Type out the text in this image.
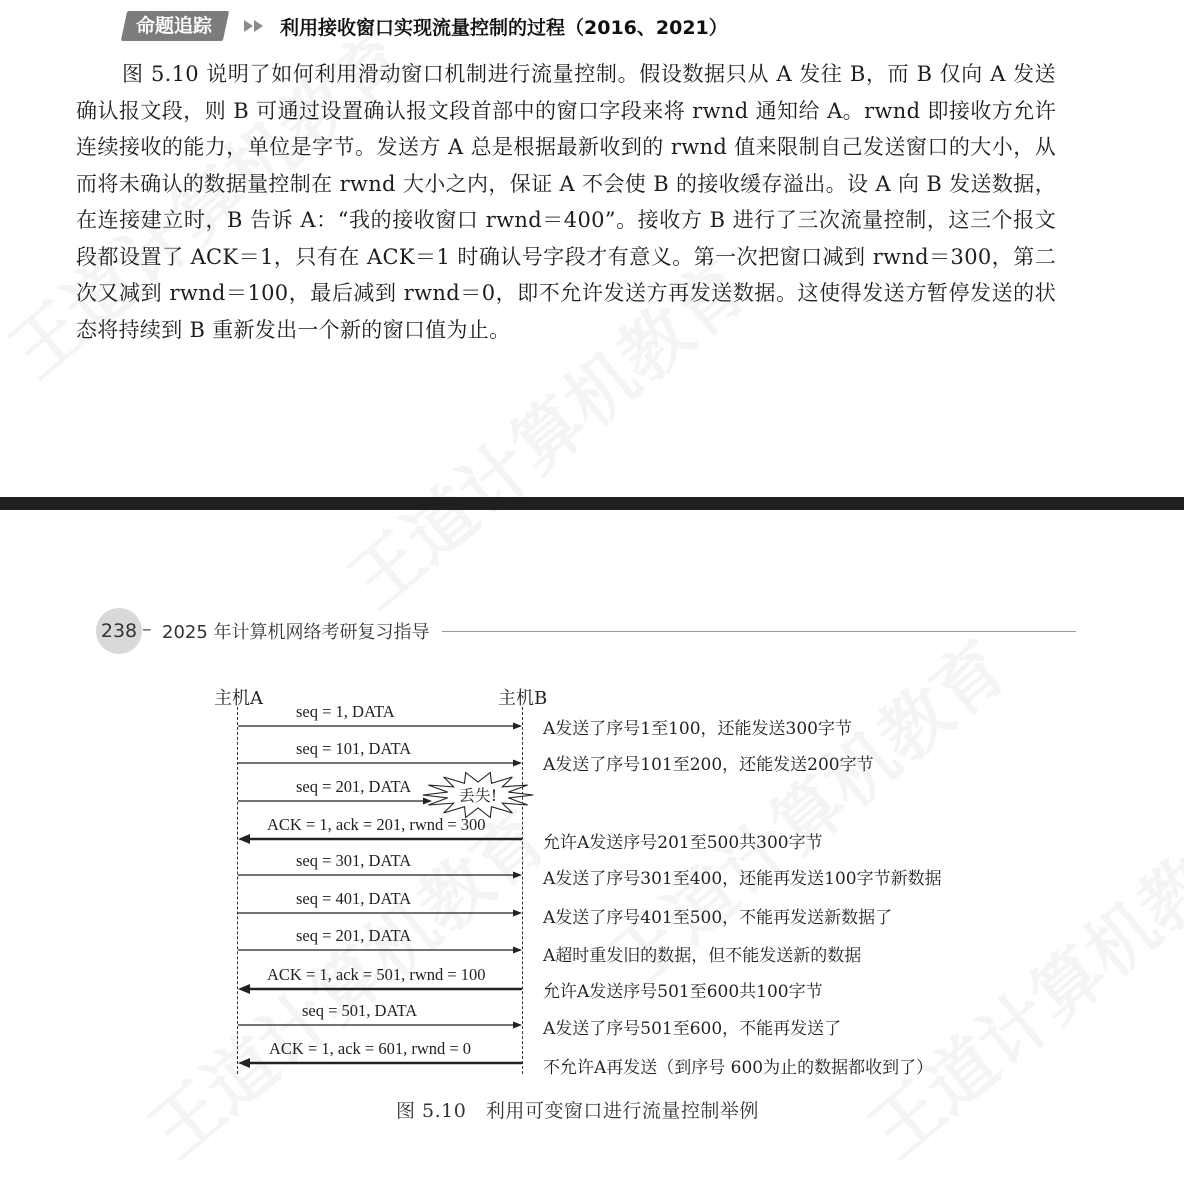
命题追踪	利用接收窗口实现流量控制的过程（2016、2021）
图 5.10 说明了如何利用滑动窗口机制进行流量控制。假设数据只从 A 发往 B，而 B 仅向 A 发送确认报文段，则 B 可通过设置确认报文段首部中的窗口字段来将 rwnd 通知给 A。rwnd 即接收方允许连续接收的能力，单位是字节。发送方 A 总是根据最新收到的 rwnd 值来限制自己发送窗口的大小，从而将未确认的数据量控制在 rwnd 大小之内，保证 A 不会使 B 的接收缓存溢出。设 A 向 B 发送数据，在连接建立时，B 告诉 A：“我的接收窗口 rwnd＝400”。接收方 B 进行了三次流量控制，这三个报文段都设置了 ACK＝1，只有在 ACK＝1 时确认号字段才有意义。第一次把窗口减到 rwnd＝300，第二次又减到 rwnd＝100，最后减到 rwnd＝0，即不允许发送方再发送数据。这使得发送方暂停发送的状态将持续到 B 重新发出一个新的窗口值为止。
238 – 2025 年计算机网络考研复习指导
主机A	主机B
丢失!
seq = 1, DATA
A发送了序号1至100，还能发送300字节
seq = 101, DATA
A发送了序号101至200，还能发送200字节
seq = 201, DATA
ACK = 1, ack = 201, rwnd = 300
允许A发送序号201至500共300字节
seq = 301, DATA
A发送了序号301至400，还能再发送100字节新数据
seq = 401, DATA
A发送了序号401至500，不能再发送新数据了
seq = 201, DATA
A超时重发旧的数据，但不能发送新的数据
ACK = 1, ack = 501, rwnd = 100
允许A发送序号501至600共100字节
seq = 501, DATA
A发送了序号501至600，不能再发送了
ACK = 1, ack = 601, rwnd = 0
不允许A再发送（到序号 600为止的数据都收到了）
图 5.10　利用可变窗口进行流量控制举例
